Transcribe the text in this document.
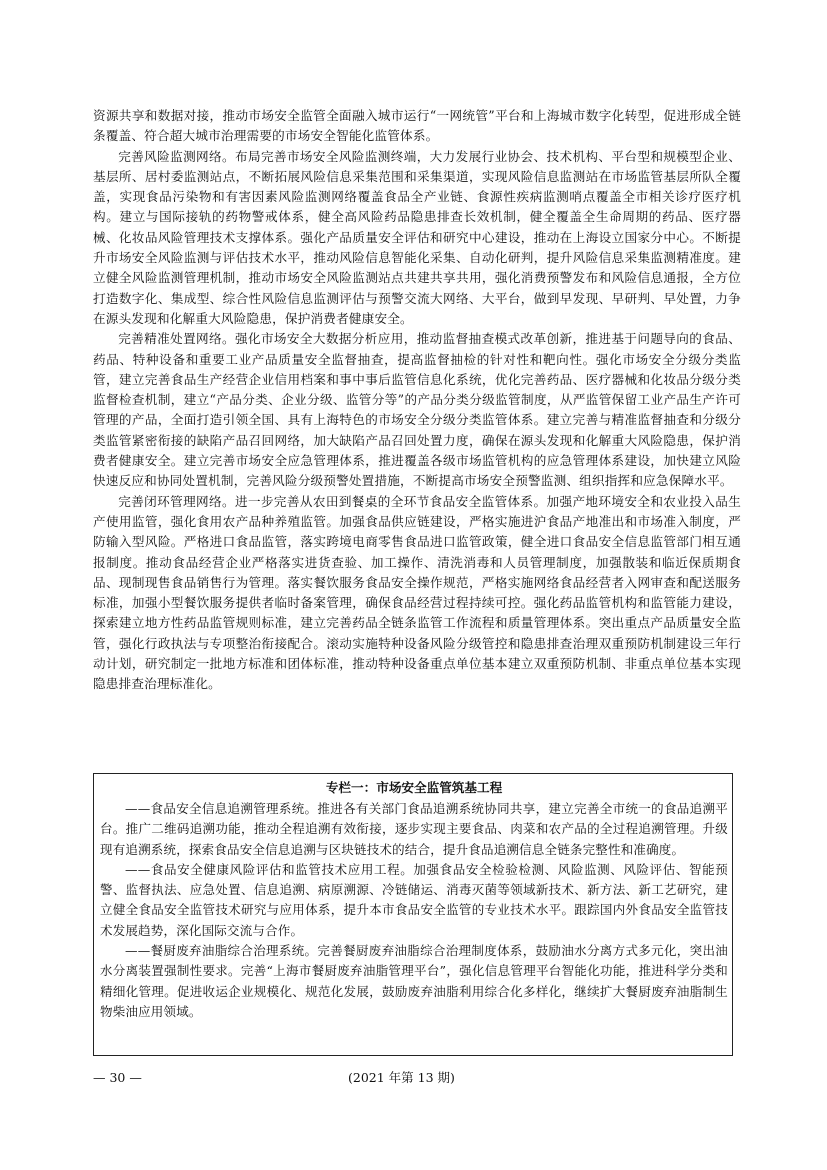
资源共享和数据对接，推动市场安全监管全面融入城市运行“一网统管”平台和上海城市数字化转型，促进形成全链条覆盖、符合超大城市治理需要的市场安全智能化监管体系。

完善风险监测网络。布局完善市场安全风险监测终端，大力发展行业协会、技术机构、平台型和规模型企业、基层所、居村委监测站点，不断拓展风险信息采集范围和采集渠道，实现风险信息监测站在市场监管基层所队全覆盖，实现食品污染物和有害因素风险监测网络覆盖食品全产业链、食源性疾病监测哨点覆盖全市相关诊疗医疗机构。建立与国际接轨的药物警戒体系，健全高风险药品隐患排查长效机制，健全覆盖全生命周期的药品、医疗器械、化妆品风险管理技术支撑体系。强化产品质量安全评估和研究中心建设，推动在上海设立国家分中心。不断提升市场安全风险监测与评估技术水平，推动风险信息智能化采集、自动化研判，提升风险信息采集监测精准度。建立健全风险监测管理机制，推动市场安全风险监测站点共建共享共用，强化消费预警发布和风险信息通报，全方位打造数字化、集成型、综合性风险信息监测评估与预警交流大网络、大平台，做到早发现、早研判、早处置，力争在源头发现和化解重大风险隐患，保护消费者健康安全。

完善精准处置网络。强化市场安全大数据分析应用，推动监督抽查模式改革创新，推进基于问题导向的食品、药品、特种设备和重要工业产品质量安全监督抽查，提高监督抽检的针对性和靶向性。强化市场安全分级分类监管，建立完善食品生产经营企业信用档案和事中事后监管信息化系统，优化完善药品、医疗器械和化妆品分级分类监督检查机制，建立“产品分类、企业分级、监管分等”的产品分类分级监管制度，从严监管保留工业产品生产许可管理的产品，全面打造引领全国、具有上海特色的市场安全分级分类监管体系。建立完善与精准监督抽查和分级分类监管紧密衔接的缺陷产品召回网络，加大缺陷产品召回处置力度，确保在源头发现和化解重大风险隐患，保护消费者健康安全。建立完善市场安全应急管理体系，推进覆盖各级市场监管机构的应急管理体系建设，加快建立风险快速反应和协同处置机制，完善风险分级预警处置措施，不断提高市场安全预警监测、组织指挥和应急保障水平。

完善闭环管理网络。进一步完善从农田到餐桌的全环节食品安全监管体系。加强产地环境安全和农业投入品生产使用监管，强化食用农产品种养殖监管。加强食品供应链建设，严格实施进沪食品产地准出和市场准入制度，严防输入型风险。严格进口食品监管，落实跨境电商零售食品进口监管政策，健全进口食品安全信息监管部门相互通报制度。推动食品经营企业严格落实进货查验、加工操作、清洗消毒和人员管理制度，加强散装和临近保质期食品、现制现售食品销售行为管理。落实餐饮服务食品安全操作规范，严格实施网络食品经营者入网审查和配送服务标准，加强小型餐饮服务提供者临时备案管理，确保食品经营过程持续可控。强化药品监管机构和监管能力建设，探索建立地方性药品监管规则标准，建立完善药品全链条监管工作流程和质量管理体系。突出重点产品质量安全监管，强化行政执法与专项整治衔接配合。滚动实施特种设备风险分级管控和隐患排查治理双重预防机制建设三年行动计划，研究制定一批地方标准和团体标准，推动特种设备重点单位基本建立双重预防机制、非重点单位基本实现隐患排查治理标准化。

专栏一：市场安全监管筑基工程

——食品安全信息追溯管理系统。推进各有关部门食品追溯系统协同共享，建立完善全市统一的食品追溯平台。推广二维码追溯功能，推动全程追溯有效衔接，逐步实现主要食品、肉菜和农产品的全过程追溯管理。升级现有追溯系统，探索食品安全信息追溯与区块链技术的结合，提升食品追溯信息全链条完整性和准确度。

——食品安全健康风险评估和监管技术应用工程。加强食品安全检验检测、风险监测、风险评估、智能预警、监督执法、应急处置、信息追溯、病原溯源、冷链储运、消毒灭菌等领域新技术、新方法、新工艺研究，建立健全食品安全监管技术研究与应用体系，提升本市食品安全监管的专业技术水平。跟踪国内外食品安全监管技术发展趋势，深化国际交流与合作。

——餐厨废弃油脂综合治理系统。完善餐厨废弃油脂综合治理制度体系，鼓励油水分离方式多元化，突出油水分离装置强制性要求。完善“上海市餐厨废弃油脂管理平台”，强化信息管理平台智能化功能，推进科学分类和精细化管理。促进收运企业规模化、规范化发展，鼓励废弃油脂利用综合化多样化，继续扩大餐厨废弃油脂制生物柴油应用领域。

— 30 —	(2021 年第 13 期)
